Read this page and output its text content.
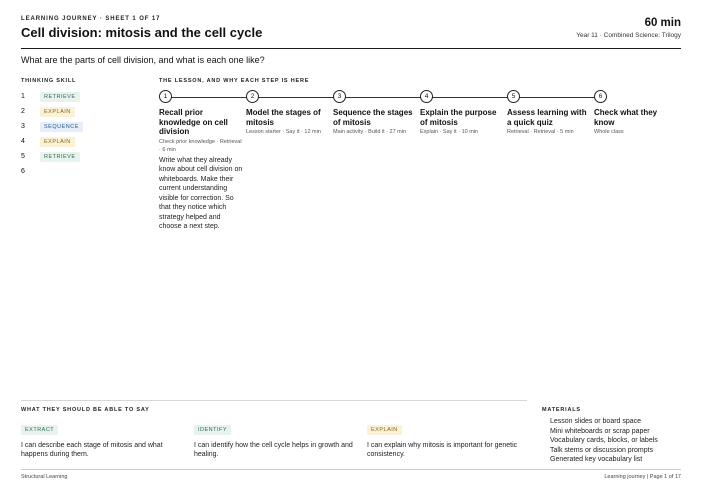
LEARNING JOURNEY · SHEET 1 OF 17
Cell division: mitosis and the cell cycle
60 min
Year 11 · Combined Science: Trilogy
What are the parts of cell division, and what is each one like?
THINKING SKILL	THE LESSON, AND WHY EACH STEP IS HERE
1	RETRIEVE
2	EXPLAIN
3	SEQUENCE
4	EXPLAIN
5	RETRIEVE
6
1	2	3	4	5	6
Recall prior knowledge on cell division
Check prior knowledge · Retrieval · 6 min
Write what they already know about cell division on whiteboards. Make their current understanding visible for correction. So that they notice which strategy helped and choose a next step.
Model the stages of mitosis
Lesson starter · Say it · 12 min
Sequence the stages of mitosis
Main activity · Build it · 27 min
Explain the purpose of mitosis
Explain · Say it · 10 min
Assess learning with a quick quiz
Retrieval · Retrieval · 5 min
Check what they know
Whole class
WHAT THEY SHOULD BE ABLE TO SAY	MATERIALS
EXTRACT
I can describe each stage of mitosis and what happens during them.
IDENTIFY
I can identify how the cell cycle helps in growth and healing.
EXPLAIN
I can explain why mitosis is important for genetic consistency.
Lesson slides or board space
Mini whiteboards or scrap paper
Vocabulary cards, blocks, or labels
Talk stems or discussion prompts
Generated key vocabulary list
Structural Learning	Learning journey | Page 1 of 17
